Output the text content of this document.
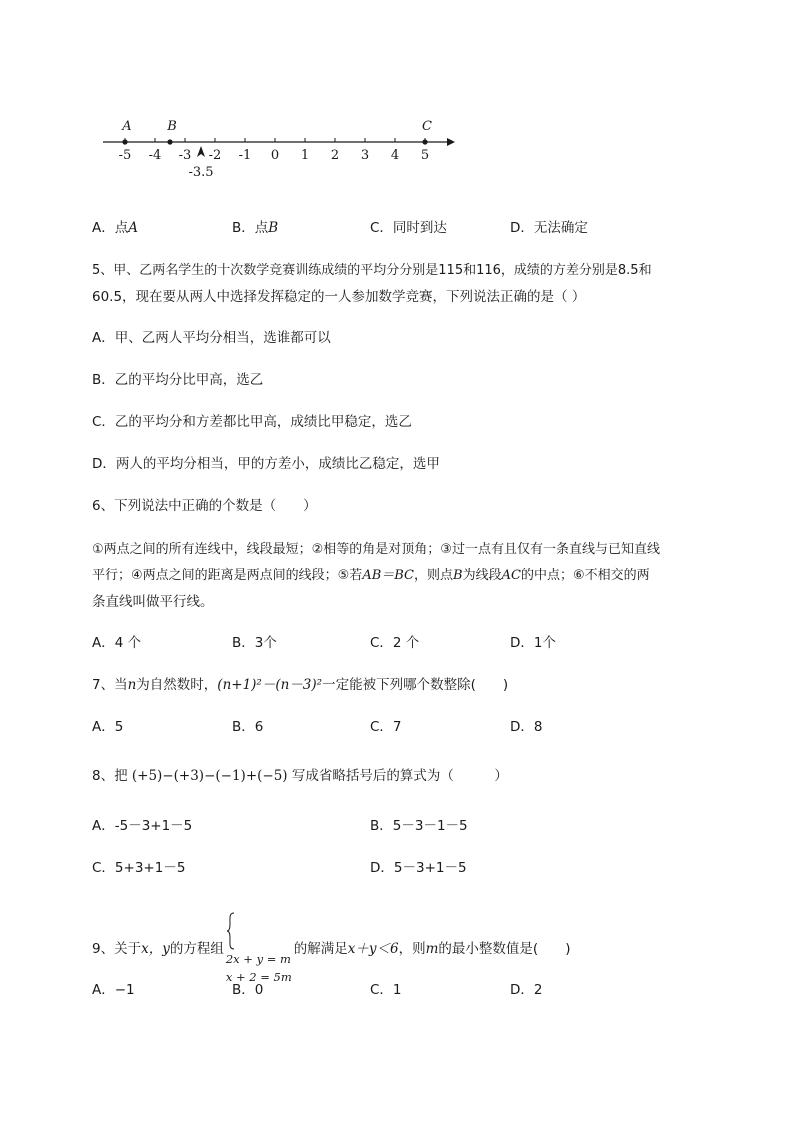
-5 -4 -3 -2 -1 0 1 2 3 4 5
A	B	C
-3.5
A．点A	B．点B	C．同时到达	D．无法确定
5、甲、乙两名学生的十次数学竞赛训练成绩的平均分分别是115和116，成绩的方差分别是8.5和
60.5，现在要从两人中选择发挥稳定的一人参加数学竞赛，下列说法正确的是（ ）
A．甲、乙两人平均分相当，选谁都可以
B．乙的平均分比甲高，选乙
C．乙的平均分和方差都比甲高，成绩比甲稳定，选乙
D．两人的平均分相当，甲的方差小，成绩比乙稳定，选甲
6、下列说法中正确的个数是（　　）
①两点之间的所有连线中，线段最短；②相等的角是对顶角；③过一点有且仅有一条直线与已知直线
平行；④两点之间的距离是两点间的线段；⑤若AB＝BC，则点B为线段AC的中点；⑥不相交的两
条直线叫做平行线。
A．4 个	B．3个	C．2 个	D．1个
7、当n为自然数时，(n+1)²－(n－3)²一定能被下列哪个数整除(　　)
A．5	B．6	C．7	D．8
8、把 (+5)−(+3)−(−1)+(−5) 写成省略括号后的算式为（　　　）
A．-5－3+1－5	B．5－3－1－5
C．5+3+1－5	D．5－3+1－5
9、关于x，y的方程组
2x + y = m
x + 2 = 5m
的解满足x＋y＜6，则m的最小整数值是(　　)
A．−1	B．0	C．1	D．2
